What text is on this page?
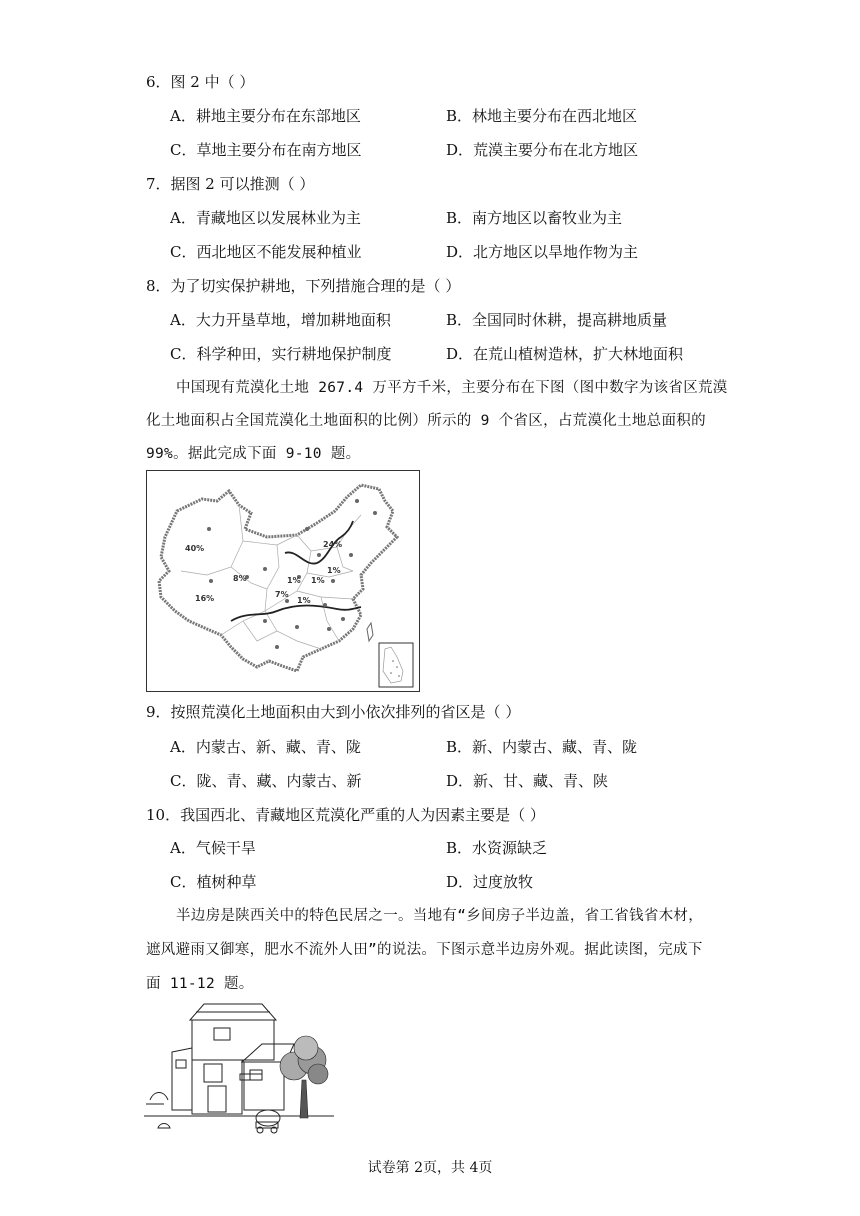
6．图 2 中（ ）
A．耕地主要分布在东部地区	B．林地主要分布在西北地区
C．草地主要分布在南方地区	D．荒漠主要分布在北方地区
7．据图 2 可以推测（ ）
A．青藏地区以发展林业为主	B．南方地区以畜牧业为主
C．西北地区不能发展种植业	D．北方地区以旱地作物为主
8．为了切实保护耕地，下列措施合理的是（ ）
A．大力开垦草地，增加耕地面积	B．全国同时休耕，提高耕地质量
C．科学种田，实行耕地保护制度	D．在荒山植树造林，扩大林地面积
中国现有荒漠化土地 267.4 万平方千米，主要分布在下图（图中数字为该省区荒漠
化土地面积占全国荒漠化土地面积的比例）所示的 9 个省区，占荒漠化土地总面积的
99%。据此完成下面 9-10 题。
40%
16%
8%
7%
24%
1%
1%
1%
1%
9．按照荒漠化土地面积由大到小依次排列的省区是（ ）
A．内蒙古、新、藏、青、陇	B．新、内蒙古、藏、青、陇
C．陇、青、藏、内蒙古、新	D．新、甘、藏、青、陕
10．我国西北、青藏地区荒漠化严重的人为因素主要是（ ）
A．气候干旱	B．水资源缺乏
C．植树种草	D．过度放牧
半边房是陕西关中的特色民居之一。当地有“乡间房子半边盖，省工省钱省木材，
遮风避雨又御寒，肥水不流外人田”的说法。下图示意半边房外观。据此读图，完成下
面 11-12 题。
试卷第 2页，共 4页
